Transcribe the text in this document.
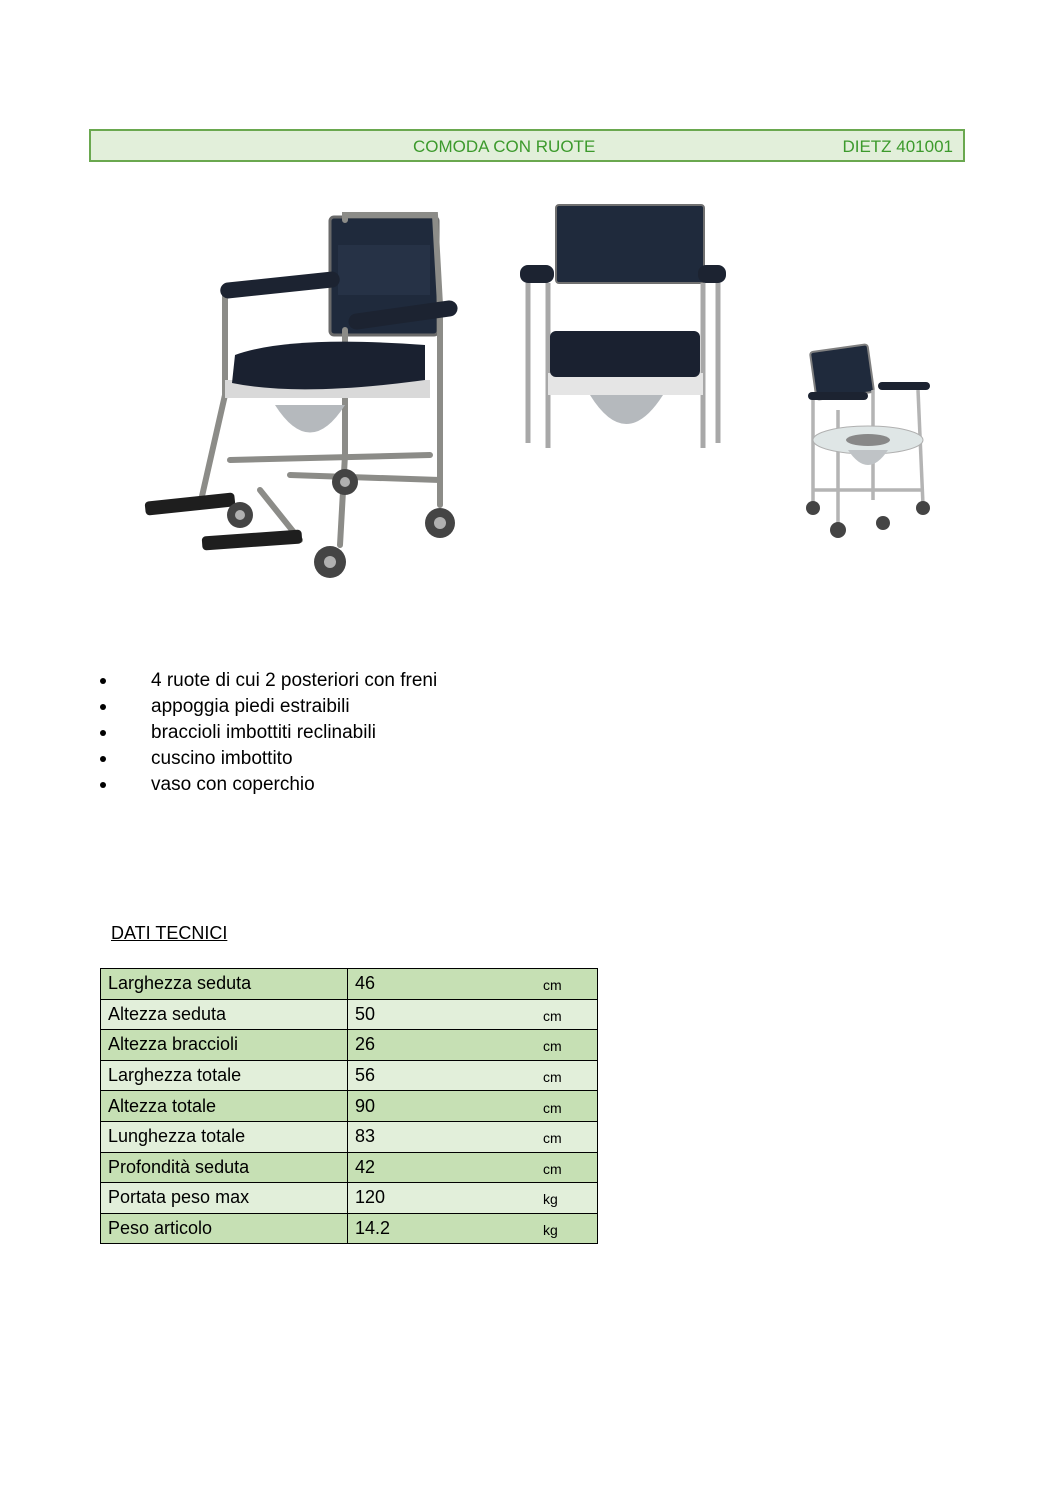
COMODA CON RUOTE	DIETZ 401001
4 ruote di cui 2 posteriori con freni
appoggia piedi estraibili
braccioli imbottiti reclinabili
cuscino imbottito
vaso con coperchio
DATI TECNICI
Larghezza seduta	46	cm
Altezza seduta	50	cm
Altezza braccioli	26	cm
Larghezza totale	56	cm
Altezza totale	90	cm
Lunghezza totale	83	cm
Profondità seduta	42	cm
Portata peso max	120	kg
Peso articolo	14.2	kg
